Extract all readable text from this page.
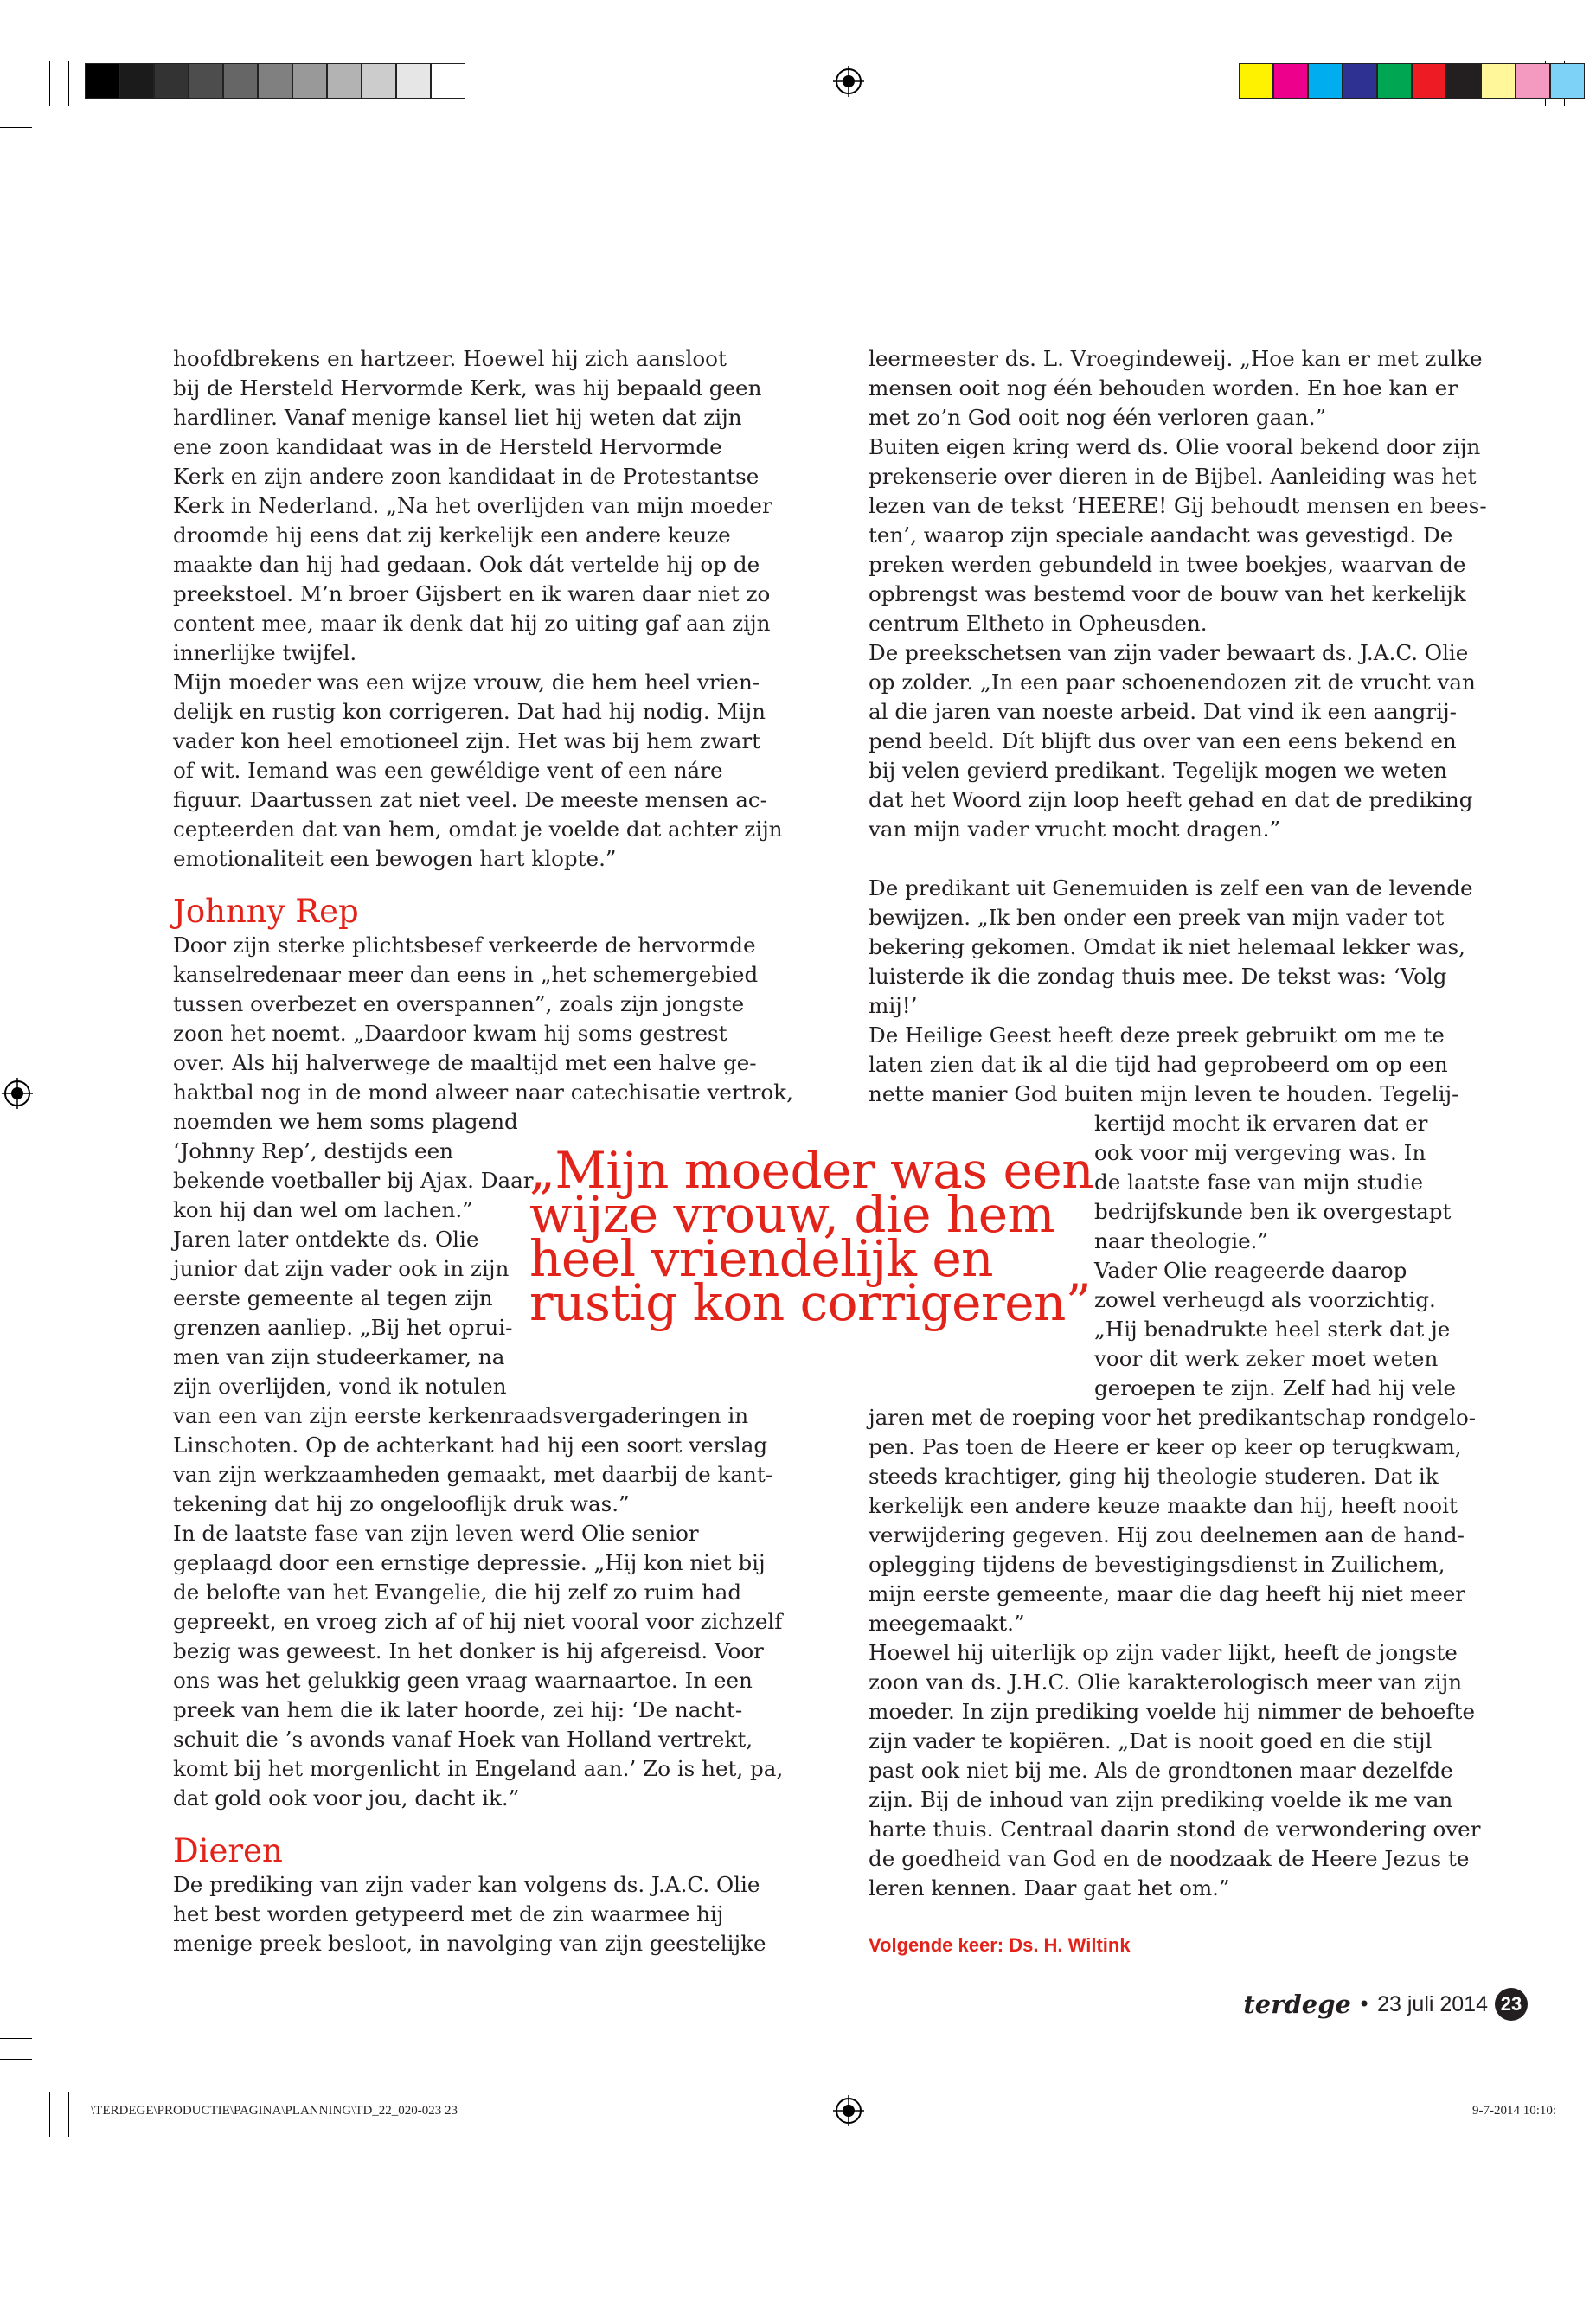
hoofdbrekens en hartzeer. Hoewel hij zich aansloot
bij de Hersteld Hervormde Kerk, was hij bepaald geen
hardliner. Vanaf menige kansel liet hij weten dat zijn
ene zoon kandidaat was in de Hersteld Hervormde
Kerk en zijn andere zoon kandidaat in de Protestantse
Kerk in Nederland. „Na het overlijden van mijn moeder
droomde hij eens dat zij kerkelijk een andere keuze
maakte dan hij had gedaan. Ook dát vertelde hij op de
preekstoel. M’n broer Gijsbert en ik waren daar niet zo
content mee, maar ik denk dat hij zo uiting gaf aan zijn
innerlijke twijfel.
Mijn moeder was een wijze vrouw, die hem heel vrien-
delijk en rustig kon corrigeren. Dat had hij nodig. Mijn
vader kon heel emotioneel zijn. Het was bij hem zwart
of wit. Iemand was een gewéldige vent of een náre
figuur. Daartussen zat niet veel. De meeste mensen ac-
cepteerden dat van hem, omdat je voelde dat achter zijn
emotionaliteit een bewogen hart klopte.”
Johnny Rep
Door zijn sterke plichtsbesef verkeerde de hervormde
kanselredenaar meer dan eens in „het schemergebied
tussen overbezet en overspannen”, zoals zijn jongste
zoon het noemt. „Daardoor kwam hij soms gestrest
over. Als hij halverwege de maaltijd met een halve ge-
haktbal nog in de mond alweer naar catechisatie vertrok,
noemden we hem soms plagend
‘Johnny Rep’, destijds een
bekende voetballer bij Ajax. Daar
kon hij dan wel om lachen.”
Jaren later ontdekte ds. Olie
junior dat zijn vader ook in zijn
eerste gemeente al tegen zijn
grenzen aanliep. „Bij het oprui-
men van zijn studeerkamer, na
zijn overlijden, vond ik notulen
van een van zijn eerste kerkenraadsvergaderingen in
Linschoten. Op de achterkant had hij een soort verslag
van zijn werkzaamheden gemaakt, met daarbij de kant-
tekening dat hij zo ongelooflijk druk was.”
In de laatste fase van zijn leven werd Olie senior
geplaagd door een ernstige depressie. „Hij kon niet bij
de belofte van het Evangelie, die hij zelf zo ruim had
gepreekt, en vroeg zich af of hij niet vooral voor zichzelf
bezig was geweest. In het donker is hij afgereisd. Voor
ons was het gelukkig geen vraag waarnaartoe. In een
preek van hem die ik later hoorde, zei hij: ‘De nacht-
schuit die ’s avonds vanaf Hoek van Holland vertrekt,
komt bij het morgenlicht in Engeland aan.’ Zo is het, pa,
dat gold ook voor jou, dacht ik.”
Dieren
De prediking van zijn vader kan volgens ds. J.A.C. Olie
het best worden getypeerd met de zin waarmee hij
menige preek besloot, in navolging van zijn geestelijke
leermeester ds. L. Vroegindeweij. „Hoe kan er met zulke
mensen ooit nog één behouden worden. En hoe kan er
met zo’n God ooit nog één verloren gaan.”
Buiten eigen kring werd ds. Olie vooral bekend door zijn
prekenserie over dieren in de Bijbel. Aanleiding was het
lezen van de tekst ‘HEERE! Gij behoudt mensen en bees-
ten’, waarop zijn speciale aandacht was gevestigd. De
preken werden gebundeld in twee boekjes, waarvan de
opbrengst was bestemd voor de bouw van het kerkelijk
centrum Eltheto in Opheusden.
De preekschetsen van zijn vader bewaart ds. J.A.C. Olie
op zolder. „In een paar schoenendozen zit de vrucht van
al die jaren van noeste arbeid. Dat vind ik een aangrij-
pend beeld. Dít blijft dus over van een eens bekend en
bij velen gevierd predikant. Tegelijk mogen we weten
dat het Woord zijn loop heeft gehad en dat de prediking
van mijn vader vrucht mocht dragen.”
De predikant uit Genemuiden is zelf een van de levende
bewijzen. „Ik ben onder een preek van mijn vader tot
bekering gekomen. Omdat ik niet helemaal lekker was,
luisterde ik die zondag thuis mee. De tekst was: ‘Volg
mij!’
De Heilige Geest heeft deze preek gebruikt om me te
laten zien dat ik al die tijd had geprobeerd om op een
nette manier God buiten mijn leven te houden. Tegelij-
kertijd mocht ik ervaren dat er
ook voor mij vergeving was. In
de laatste fase van mijn studie
bedrijfskunde ben ik overgestapt
naar theologie.”
Vader Olie reageerde daarop
zowel verheugd als voorzichtig.
„Hij benadrukte heel sterk dat je
voor dit werk zeker moet weten
geroepen te zijn. Zelf had hij vele
jaren met de roeping voor het predikantschap rondgelo-
pen. Pas toen de Heere er keer op keer op terugkwam,
steeds krachtiger, ging hij theologie studeren. Dat ik
kerkelijk een andere keuze maakte dan hij, heeft nooit
verwijdering gegeven. Hij zou deelnemen aan de hand-
oplegging tijdens de bevestigingsdienst in Zuilichem,
mijn eerste gemeente, maar die dag heeft hij niet meer
meegemaakt.”
Hoewel hij uiterlijk op zijn vader lijkt, heeft de jongste
zoon van ds. J.H.C. Olie karakterologisch meer van zijn
moeder. In zijn prediking voelde hij nimmer de behoefte
zijn vader te kopiëren. „Dat is nooit goed en die stijl
past ook niet bij me. Als de grondtonen maar dezelfde
zijn. Bij de inhoud van zijn prediking voelde ik me van
harte thuis. Centraal daarin stond de verwondering over
de goedheid van God en de noodzaak de Heere Jezus te
leren kennen. Daar gaat het om.”
„Mijn moeder was een
wijze vrouw, die hem
heel vriendelijk en
rustig kon corrigeren”
Volgende keer: Ds. H. Wiltink
terdege • 23 juli 2014 23
\TERDEGE\PRODUCTIE\PAGINA\PLANNING\TD_22_020-023 23	9-7-2014 10:10:
